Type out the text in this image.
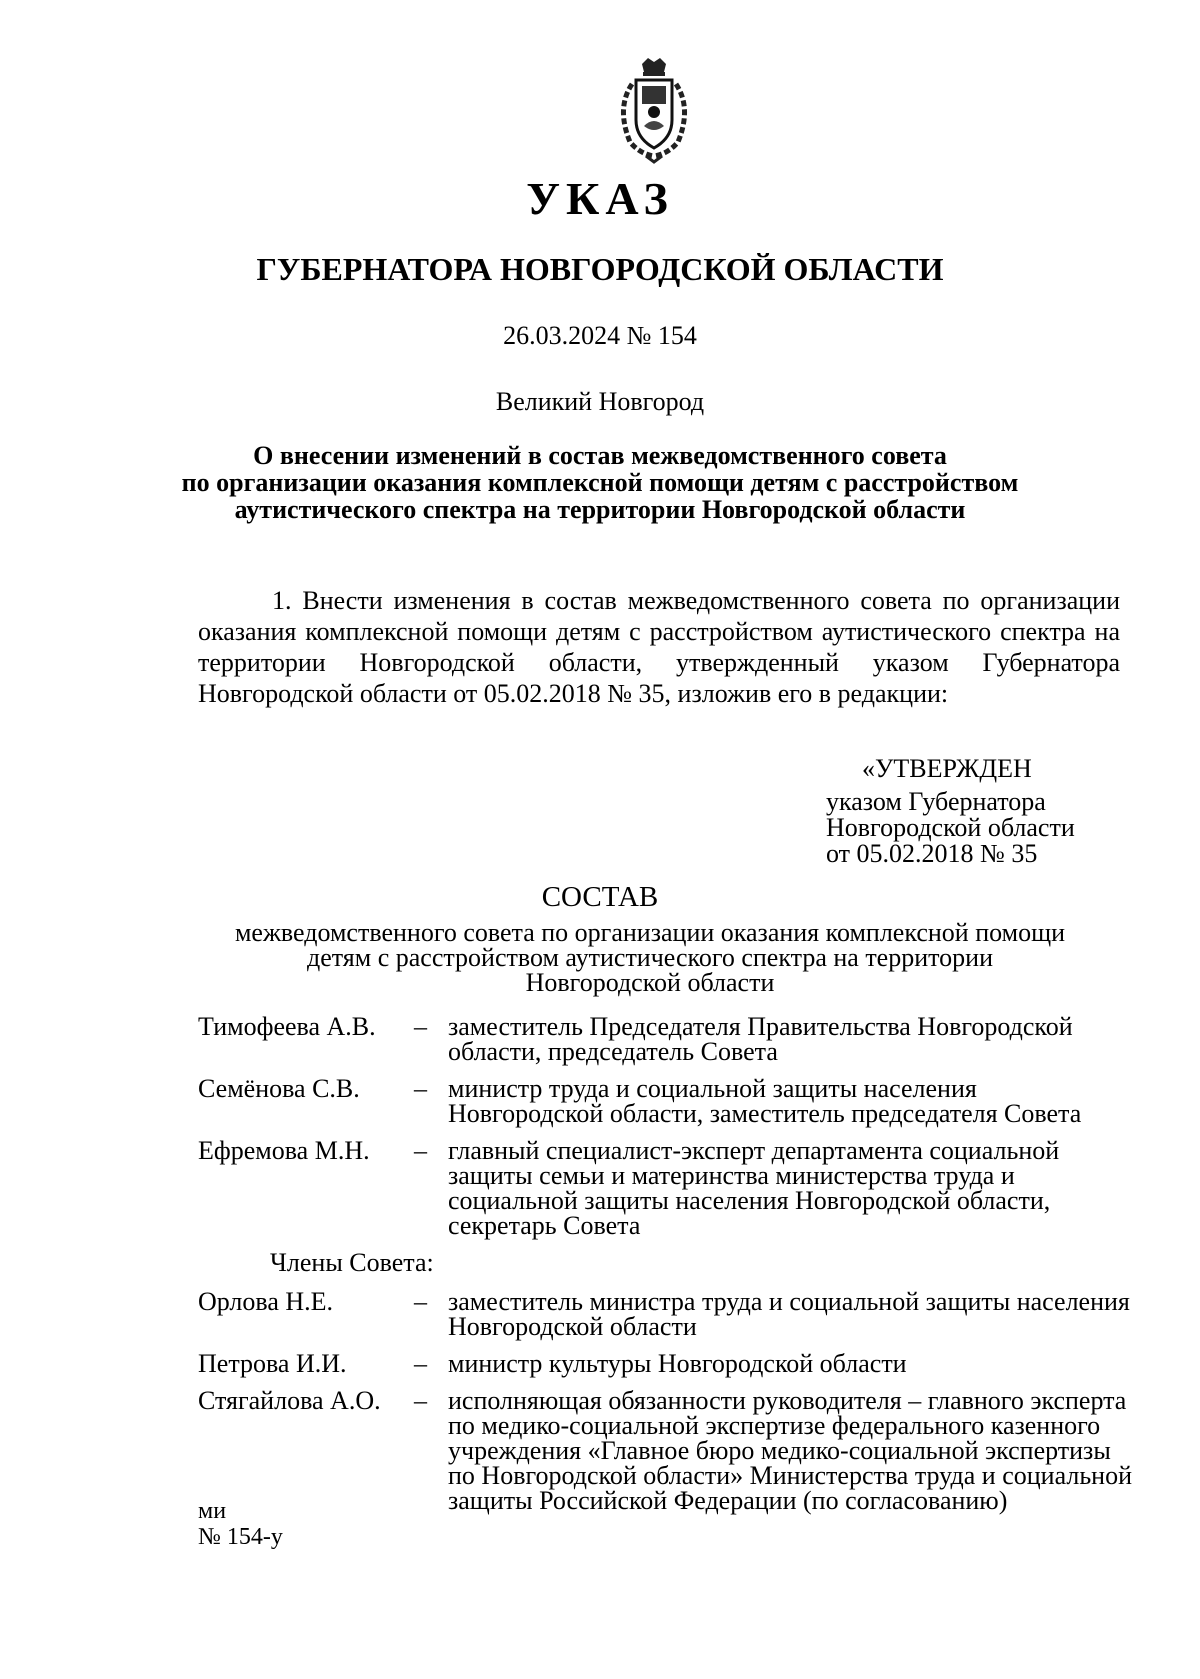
УКАЗ
ГУБЕРНАТОРА НОВГОРОДСКОЙ ОБЛАСТИ
26.03.2024 № 154
Великий Новгород
О внесении изменений в состав межведомственного совета
по организации оказания комплексной помощи детям с расстройством
аутистического спектра на территории Новгородской области
1. Внести изменения в состав межведомственного совета по организации оказания комплексной помощи детям с расстройством аутистического спектра на территории Новгородской области, утвержденный указом Губернатора Новгородской области от 05.02.2018 № 35, изложив его в редакции:
«УТВЕРЖДЕН
указом Губернатора
Новгородской области
от 05.02.2018 № 35
СОСТАВ
межведомственного совета по организации оказания комплексной помощи
детям с расстройством аутистического спектра на территории
Новгородской области
Тимофеева А.В.	– заместитель Председателя Правительства Новгородской области, председатель Совета
Семёнова С.В.	– министр труда и социальной защиты населения Новгородской области, заместитель председателя Совета
Ефремова М.Н.	– главный специалист-эксперт департамента социальной защиты семьи и материнства министерства труда и социальной защиты населения Новгородской области, секретарь Совета
Члены Совета:
Орлова Н.Е.	– заместитель министра труда и социальной защиты населения Новгородской области
Петрова И.И.	– министр культуры Новгородской области
Стягайлова А.О.	– исполняющая обязанности руководителя – главного эксперта по медико-социальной экспертизе федерального казенного учреждения «Главное бюро медико-социальной экспертизы по Новгородской области» Министерства труда и социальной защиты Российской Федерации (по согласованию)
ми
№ 154-у
